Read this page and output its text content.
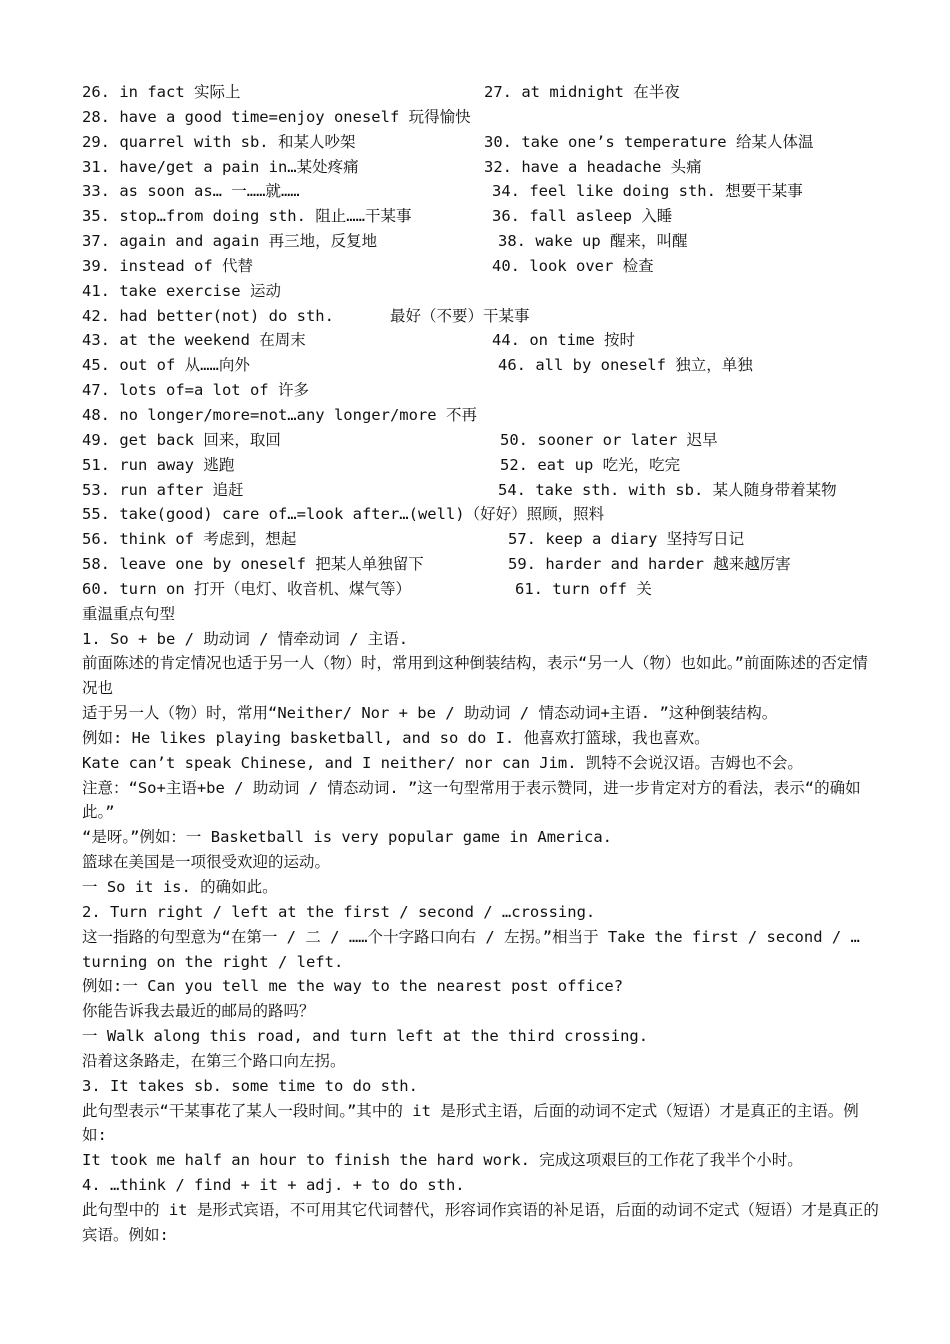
26. in fact 实际上	27. at midnight 在半夜
28. have a good time=enjoy oneself 玩得愉快
29. quarrel with sb. 和某人吵架	30. take one’s temperature 给某人体温
31. have/get a pain in…某处疼痛	32. have a headache 头痛
33. as soon as… 一……就……	34. feel like doing sth. 想要干某事
35. stop…from doing sth. 阻止……干某事	36. fall asleep 入睡
37. again and again 再三地，反复地	38. wake up 醒来，叫醒
39. instead of 代替	40. look over 检查
41. take exercise 运动
42. had better(not) do sth.      最好（不要）干某事
43. at the weekend 在周末	44. on time 按时
45. out of 从……向外	46. all by oneself 独立，单独
47. lots of=a lot of 许多
48. no longer/more=not…any longer/more 不再
49. get back 回来，取回	50. sooner or later 迟早
51. run away 逃跑	52. eat up 吃光，吃完
53. run after 追赶	54. take sth. with sb. 某人随身带着某物
55. take(good) care of…=look after…(well)（好好）照顾，照料
56. think of 考虑到，想起	57. keep a diary 坚持写日记
58. leave one by oneself 把某人单独留下	59. harder and harder 越来越厉害
60. turn on 打开（电灯、收音机、煤气等）	61. turn off 关
重温重点句型
1. So + be / 助动词 / 情牵动词 / 主语.
前面陈述的肯定情况也适于另一人（物）时，常用到这种倒装结构，表示“另一人（物）也如此。”前面陈述的否定情况也
适于另一人（物）时，常用“Neither/ Nor + be / 助动词 / 情态动词+主语. ”这种倒装结构。
例如: He likes playing basketball, and so do I. 他喜欢打篮球，我也喜欢。
Kate can’t speak Chinese, and I neither/ nor can Jim. 凯特不会说汉语。吉姆也不会。
注意：“So+主语+be / 助动词 / 情态动词. ”这一句型常用于表示赞同，进一步肯定对方的看法，表示“的确如此。”
“是呀。”例如：一 Basketball is very popular game in America.
篮球在美国是一项很受欢迎的运动。
一 So it is. 的确如此。
2. Turn right / left at the first / second / …crossing.
这一指路的句型意为“在第一 / 二 / ……个十字路口向右 / 左拐。”相当于 Take the first / second / …turning on the right / left.
例如:一 Can you tell me the way to the nearest post office?
你能告诉我去最近的邮局的路吗？
一 Walk along this road, and turn left at the third crossing.
沿着这条路走，在第三个路口向左拐。
3. It takes sb. some time to do sth.
此句型表示“干某事花了某人一段时间。”其中的 it 是形式主语，后面的动词不定式（短语）才是真正的主语。例如:
It took me half an hour to finish the hard work. 完成这项艰巨的工作花了我半个小时。
4. …think / find + it + adj. + to do sth.
此句型中的 it 是形式宾语，不可用其它代词替代，形容词作宾语的补足语，后面的动词不定式（短语）才是真正的宾语。例如:
